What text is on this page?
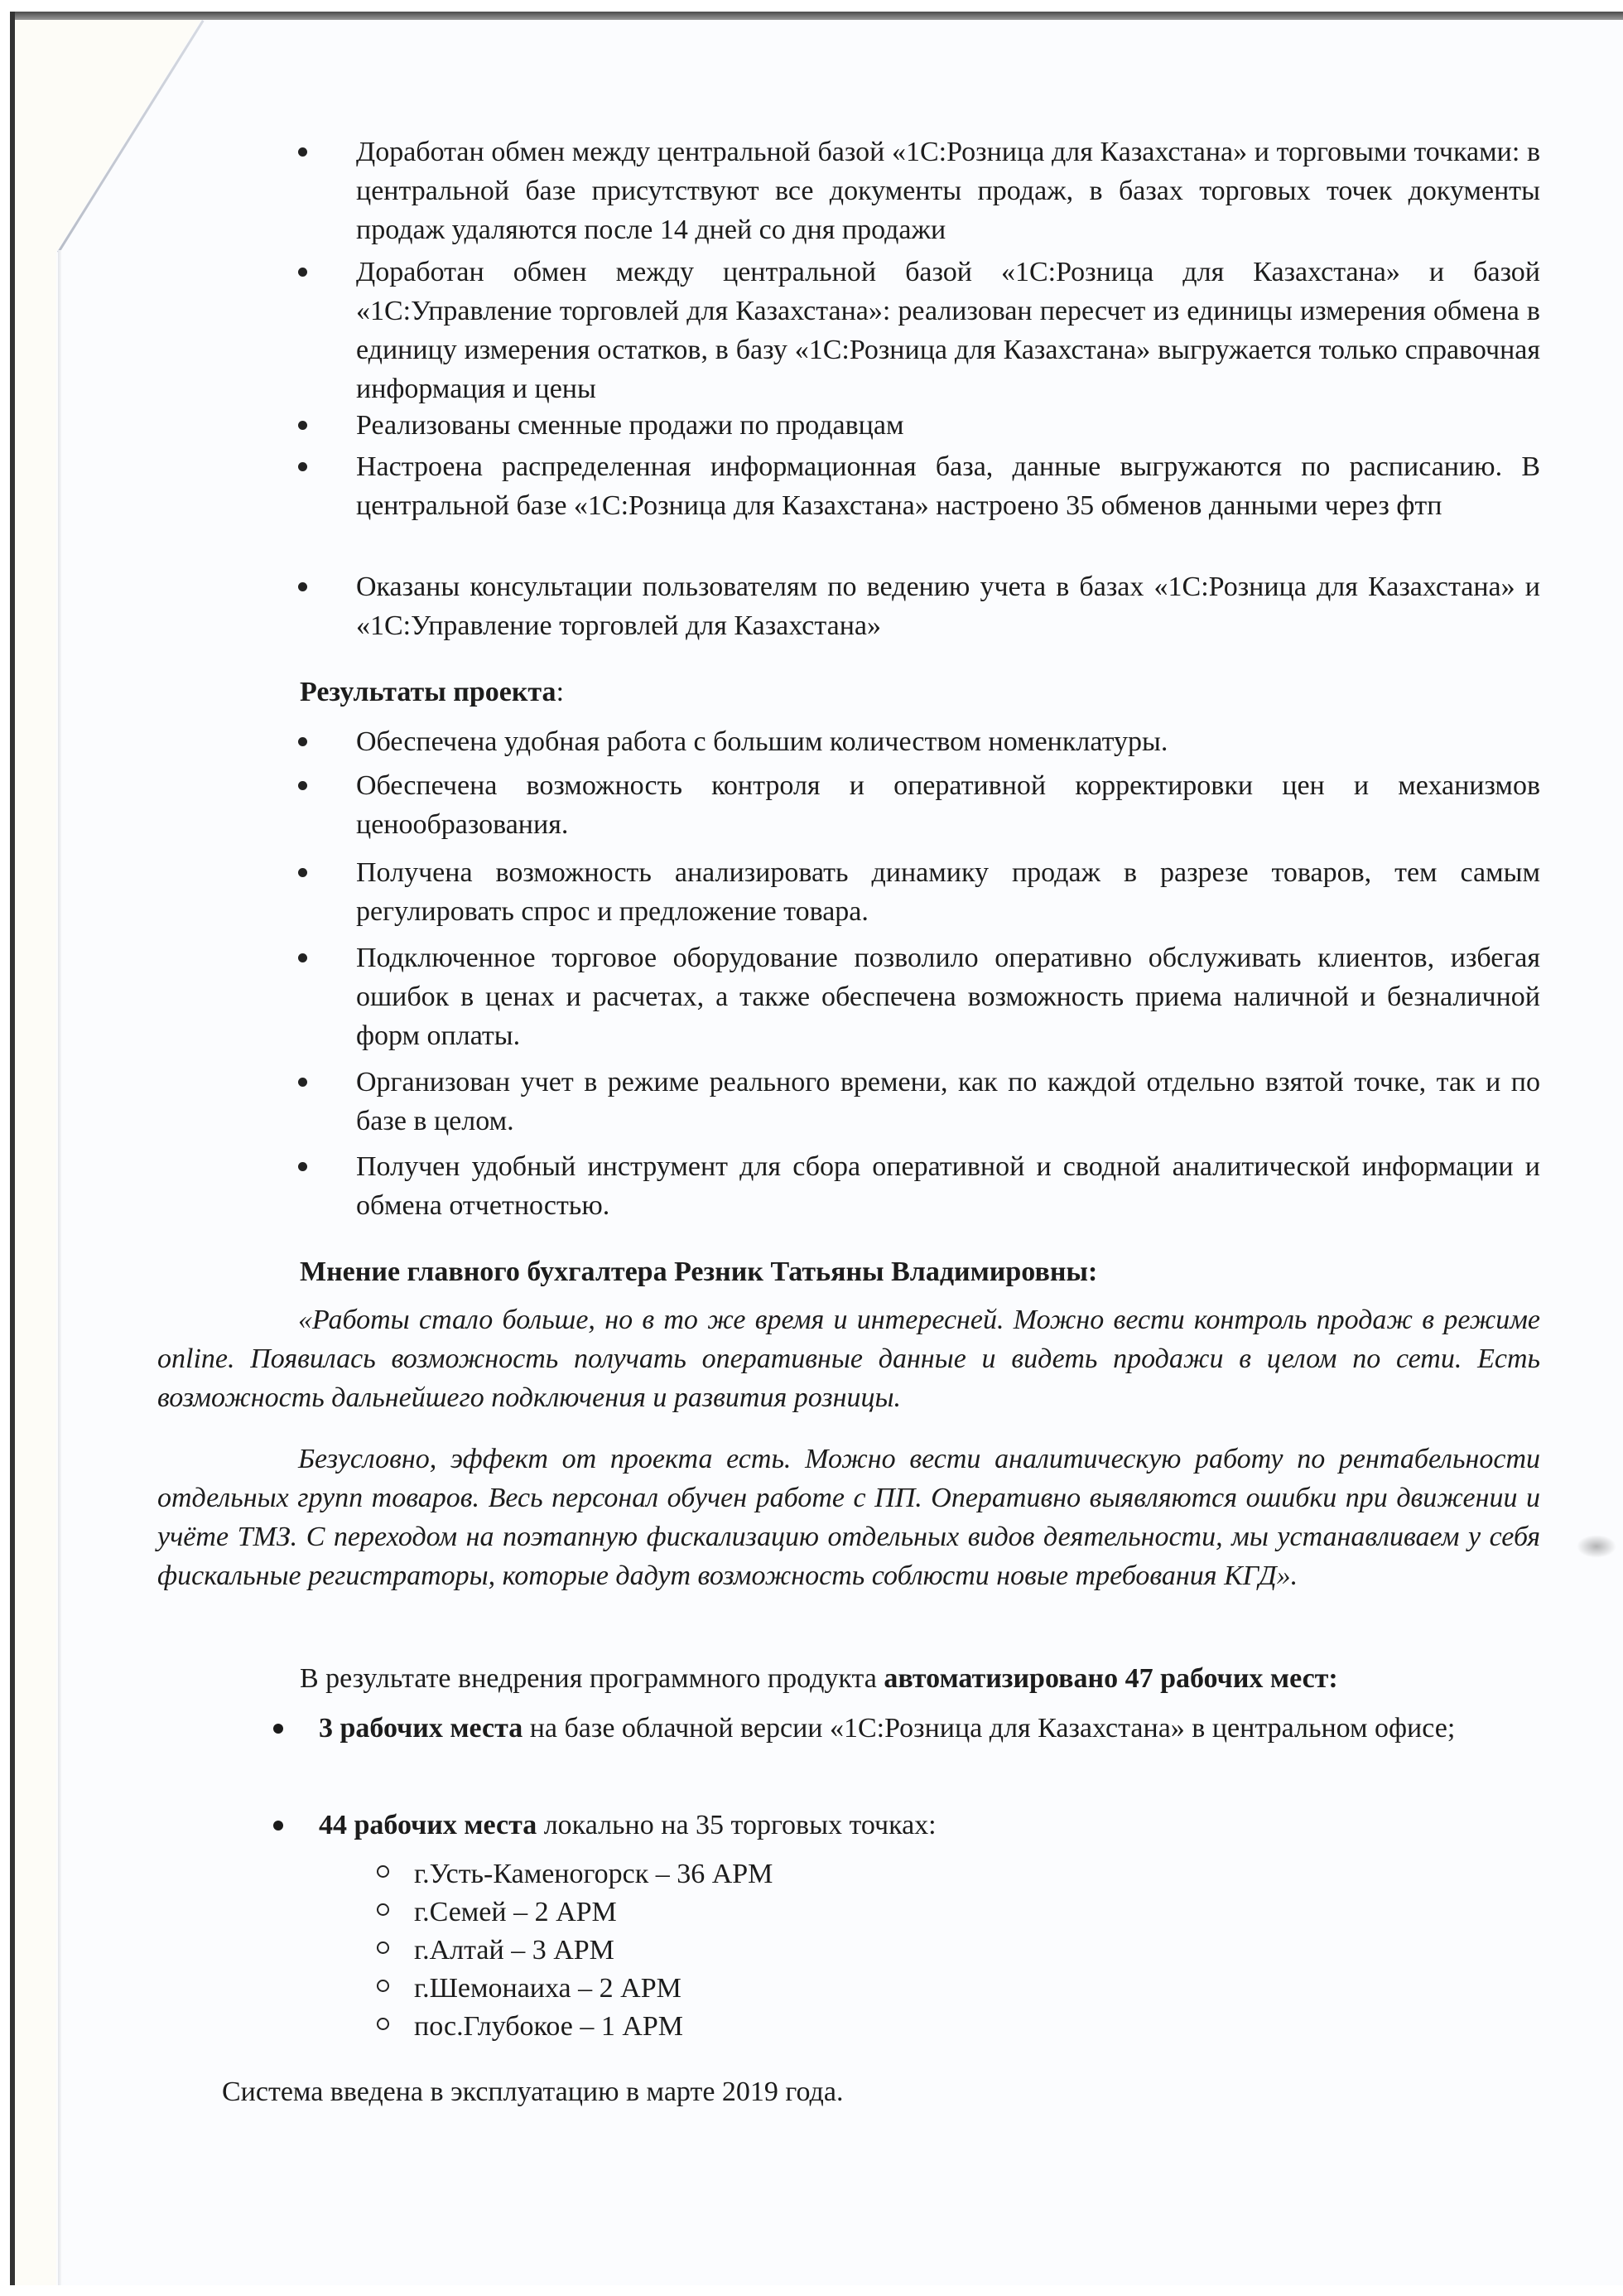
Доработан обмен между центральной базой «1С:Розница для Казахстана» и торговыми точками: в центральной базе присутствуют все документы продаж, в базах торговых точек документы продаж удаляются после 14 дней со дня продажи
Доработан обмен между центральной базой «1С:Розница для Казахстана» и базой «1С:Управление торговлей для Казахстана»: реализован пересчет из единицы измерения обмена в единицу измерения остатков, в базу «1С:Розница для Казахстана» выгружается только справочная информация и цены
Реализованы сменные продажи по продавцам
Настроена распределенная информационная база, данные выгружаются по расписанию. В центральной базе «1С:Розница для Казахстана» настроено 35 обменов данными через фтп
Оказаны консультации пользователям по ведению учета в базах «1С:Розница для Казахстана» и «1С:Управление торговлей для Казахстана»
Результаты проекта:
Обеспечена удобная работа с большим количеством номенклатуры.
Обеспечена возможность контроля и оперативной корректировки цен и механизмов ценообразования.
Получена возможность анализировать динамику продаж в разрезе товаров, тем самым регулировать спрос и предложение товара.
Подключенное торговое оборудование позволило оперативно обслуживать клиентов, избегая ошибок в ценах и расчетах, а также обеспечена возможность приема наличной и безналичной форм оплаты.
Организован учет в режиме реального времени, как по каждой отдельно взятой точке, так и по базе в целом.
Получен удобный инструмент для сбора оперативной и сводной аналитической информации и обмена отчетностью.
Мнение главного бухгалтера Резник Татьяны Владимировны:
«Работы стало больше, но в то же время и интересней. Можно вести контроль продаж в режиме online. Появилась возможность получать оперативные данные и видеть продажи в целом по сети. Есть возможность дальнейшего подключения и развития розницы.
Безусловно, эффект от проекта есть. Можно вести аналитическую работу по рентабельности отдельных групп товаров. Весь персонал обучен работе с ПП. Оперативно выявляются ошибки при движении и учёте ТМЗ. С переходом на поэтапную фискализацию отдельных видов деятельности, мы устанавливаем у себя фискальные регистраторы, которые дадут возможность соблюсти новые требования КГД».
В результате внедрения программного продукта автоматизировано 47 рабочих мест:
3 рабочих места на базе облачной версии «1С:Розница для Казахстана» в центральном офисе;
44 рабочих места локально на 35 торговых точках:
г.Усть-Каменогорск – 36 АРМ
г.Семей – 2 АРМ
г.Алтай – 3 АРМ
г.Шемонаиха – 2 АРМ
пос.Глубокое – 1 АРМ
Система введена в эксплуатацию в марте 2019 года.
